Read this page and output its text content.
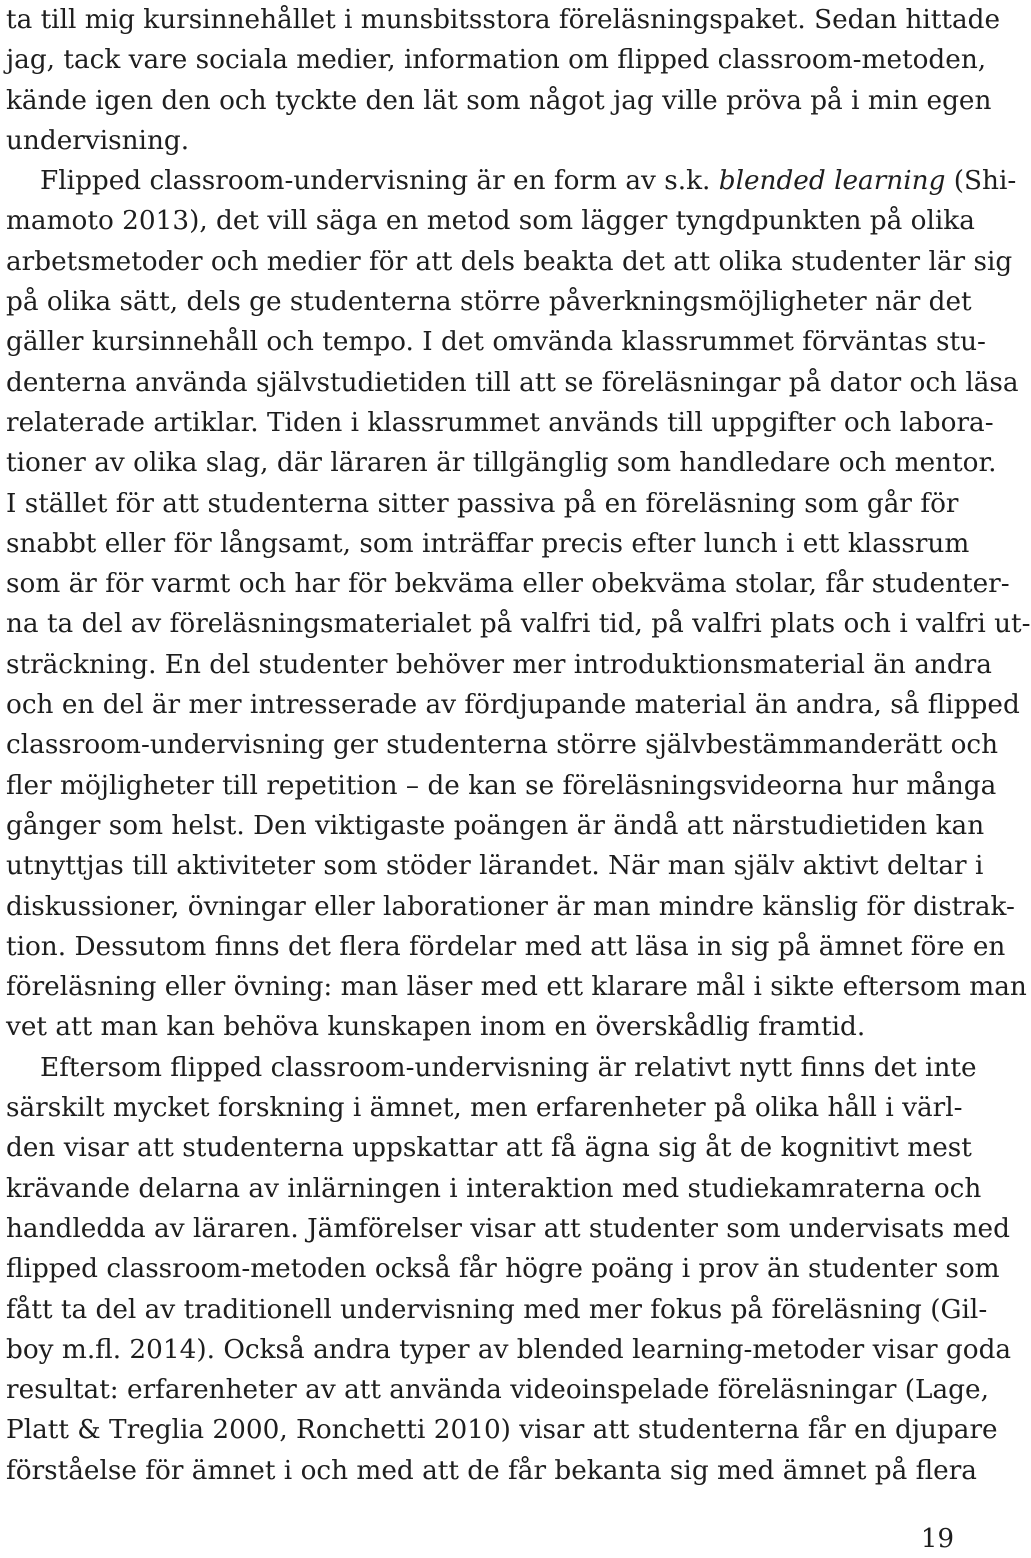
ta till mig kursinnehållet i munsbitsstora föreläsningspaket. Sedan hittade
jag, tack vare sociala medier, information om flipped classroom-metoden,
kände igen den och tyckte den lät som något jag ville pröva på i min egen
undervisning.
Flipped classroom-undervisning är en form av s.k. blended learning (Shi-
mamoto 2013), det vill säga en metod som lägger tyngdpunkten på olika
arbetsmetoder och medier för att dels beakta det att olika studenter lär sig
på olika sätt, dels ge studenterna större påverkningsmöjligheter när det
gäller kursinnehåll och tempo. I det omvända klassrummet förväntas stu-
denterna använda självstudietiden till att se föreläsningar på dator och läsa
relaterade artiklar. Tiden i klassrummet används till uppgifter och labora-
tioner av olika slag, där läraren är tillgänglig som handledare och mentor.
I stället för att studenterna sitter passiva på en föreläsning som går för
snabbt eller för långsamt, som inträffar precis efter lunch i ett klassrum
som är för varmt och har för bekväma eller obekväma stolar, får studenter-
na ta del av föreläsningsmaterialet på valfri tid, på valfri plats och i valfri ut-
sträckning. En del studenter behöver mer introduktionsmaterial än andra
och en del är mer intresserade av fördjupande material än andra, så flipped
classroom-undervisning ger studenterna större självbestämmanderätt och
fler möjligheter till repetition – de kan se föreläsningsvideorna hur många
gånger som helst. Den viktigaste poängen är ändå att närstudietiden kan
utnyttjas till aktiviteter som stöder lärandet. När man själv aktivt deltar i
diskussioner, övningar eller laborationer är man mindre känslig för distrak-
tion. Dessutom finns det flera fördelar med att läsa in sig på ämnet före en
föreläsning eller övning: man läser med ett klarare mål i sikte eftersom man
vet att man kan behöva kunskapen inom en överskådlig framtid.
Eftersom flipped classroom-undervisning är relativt nytt finns det inte
särskilt mycket forskning i ämnet, men erfarenheter på olika håll i värl-
den visar att studenterna uppskattar att få ägna sig åt de kognitivt mest
krävande delarna av inlärningen i interaktion med studiekamraterna och
handledda av läraren. Jämförelser visar att studenter som undervisats med
flipped classroom-metoden också får högre poäng i prov än studenter som
fått ta del av traditionell undervisning med mer fokus på föreläsning (Gil-
boy m.fl. 2014). Också andra typer av blended learning-metoder visar goda
resultat: erfarenheter av att använda videoinspelade föreläsningar (Lage,
Platt & Treglia 2000, Ronchetti 2010) visar att studenterna får en djupare
förståelse för ämnet i och med att de får bekanta sig med ämnet på flera
19
